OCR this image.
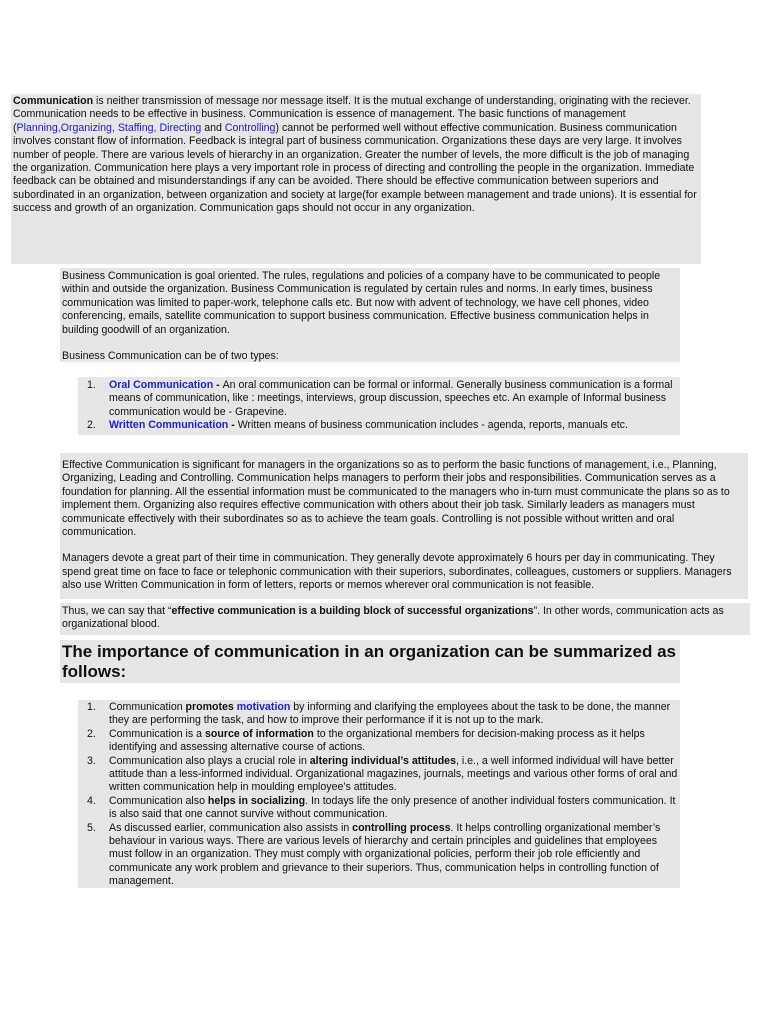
Communication is neither transmission of message nor message itself. It is the mutual exchange of understanding, originating with the reciever. Communication needs to be effective in business. Communication is essence of management. The basic functions of management (Planning,Organizing, Staffing, Directing and Controlling) cannot be performed well without effective communication. Business communication involves constant flow of information. Feedback is integral part of business communication. Organizations these days are very large. It involves number of people. There are various levels of hierarchy in an organization. Greater the number of levels, the more difficult is the job of managing the organization. Communication here plays a very important role in process of directing and controlling the people in the organization. Immediate feedback can be obtained and misunderstandings if any can be avoided. There should be effective communication between superiors and subordinated in an organization, between organization and society at large(for example between management and trade unions). It is essential for success and growth of an organization. Communication gaps should not occur in any organization.

Business Communication is goal oriented. The rules, regulations and policies of a company have to be communicated to people within and outside the organization. Business Communication is regulated by certain rules and norms. In early times, business communication was limited to paper-work, telephone calls etc. But now with advent of technology, we have cell phones, video conferencing, emails, satellite communication to support business communication. Effective business communication helps in building goodwill of an organization.

Business Communication can be of two types:

1. Oral Communication - An oral communication can be formal or informal. Generally business communication is a formal means of communication, like : meetings, interviews, group discussion, speeches etc. An example of Informal business communication would be - Grapevine.
2. Written Communication - Written means of business communication includes - agenda, reports, manuals etc.

Effective Communication is significant for managers in the organizations so as to perform the basic functions of management, i.e., Planning, Organizing, Leading and Controlling. Communication helps managers to perform their jobs and responsibilities. Communication serves as a foundation for planning. All the essential information must be communicated to the managers who in-turn must communicate the plans so as to implement them. Organizing also requires effective communication with others about their job task. Similarly leaders as managers must communicate effectively with their subordinates so as to achieve the team goals. Controlling is not possible without written and oral communication.

Managers devote a great part of their time in communication. They generally devote approximately 6 hours per day in communicating. They spend great time on face to face or telephonic communication with their superiors, subordinates, colleagues, customers or suppliers. Managers also use Written Communication in form of letters, reports or memos wherever oral communication is not feasible.

Thus, we can say that “effective communication is a building block of successful organizations”. In other words, communication acts as organizational blood.

The importance of communication in an organization can be summarized as follows:

1. Communication promotes motivation by informing and clarifying the employees about the task to be done, the manner they are performing the task, and how to improve their performance if it is not up to the mark.
2. Communication is a source of information to the organizational members for decision-making process as it helps identifying and assessing alternative course of actions.
3. Communication also plays a crucial role in altering individual’s attitudes, i.e., a well informed individual will have better attitude than a less-informed individual. Organizational magazines, journals, meetings and various other forms of oral and written communication help in moulding employee’s attitudes.
4. Communication also helps in socializing. In todays life the only presence of another individual fosters communication. It is also said that one cannot survive without communication.
5. As discussed earlier, communication also assists in controlling process. It helps controlling organizational member’s behaviour in various ways. There are various levels of hierarchy and certain principles and guidelines that employees must follow in an organization. They must comply with organizational policies, perform their job role efficiently and communicate any work problem and grievance to their superiors. Thus, communication helps in controlling function of management.
